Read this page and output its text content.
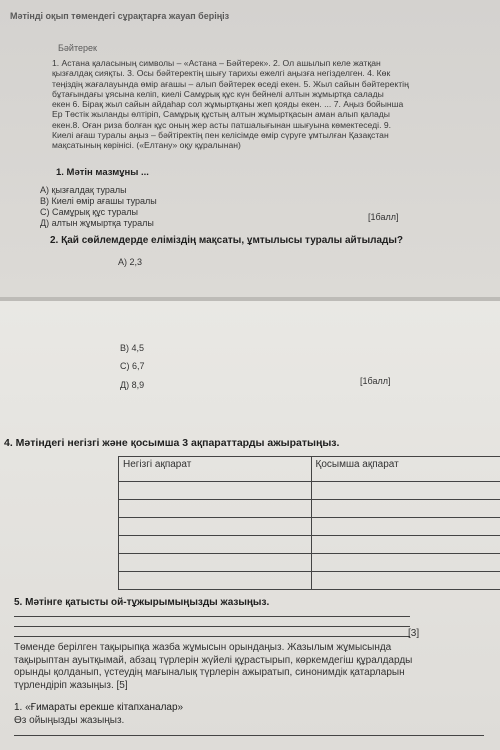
Мәтінді оқып төмендегі сұрақтарға жауап беріңіз
Бәйтерек
1. Астана қаласының символы – «Астана – Бәйтерек». 2. Ол ашылып келе жатқан
қызғалдақ сияқты. 3. Осы бәйтеректің шығу тарихы ежелгі аңызға негізделген. 4. Көк
теңіздің жағалауында өмір ағашы – алып бәйтерек өседі екен. 5. Жыл сайын бәйтеректің
бұтағындағы ұясына келіп, киелі Самұрық құс күн бейнелі алтын жұмыртқа салады
екен 6. Бірақ жыл сайын айдаһар сол жұмыртқаны жеп қояды екен. ... 7. Аңыз бойынша
Ер Төстік жыланды өлтіріп, Самұрық құстың алтын жұмыртқасын аман алып қалады
екен.8. Оған риза болған құс оның жер асты патшалығынан шығуына көмектеседі. 9.
Киелі ағаш туралы аңыз – бәйтіректің пен келісімде өмір сүруге ұмтылған Қазақстан
мақсатының көрінісі. («Елтану» оқу құралынан)
1. Мәтін мазмұны ...
А) қызғалдақ туралы
В) Киелі өмір ағашы туралы
С) Самұрық құс туралы
Д) алтын жұмыртқа туралы
[1балл]
2. Қай сөйлемдерде еліміздің мақсаты, ұмтылысы туралы айтылады?
А) 2,3
В) 4,5
С) 6,7
Д) 8,9	[1балл]
4. Мәтіндегі негізгі және қосымша 3 ақпараттарды ажыратыңыз.
Негізгі ақпарат	Қосымша ақпарат

5. Мәтінге қатысты ой-тұжырымыңызды жазыңыз.
[3]
Төменде берілген тақырыпқа жазба жұмысын орындаңыз. Жазылым жұмысында
тақырыптан ауытқымай, абзац түрлерін жүйелі құрастырып, көркемдегіш құралдарды
орынды қолданып, үстеудің мағыналық түрлерін ажыратып, синонимдік қатарларын
түрлендіріп жазыңыз. [5]
1. «Ғимараты ерекше кітапханалар»
Өз ойыңызды жазыңыз.
